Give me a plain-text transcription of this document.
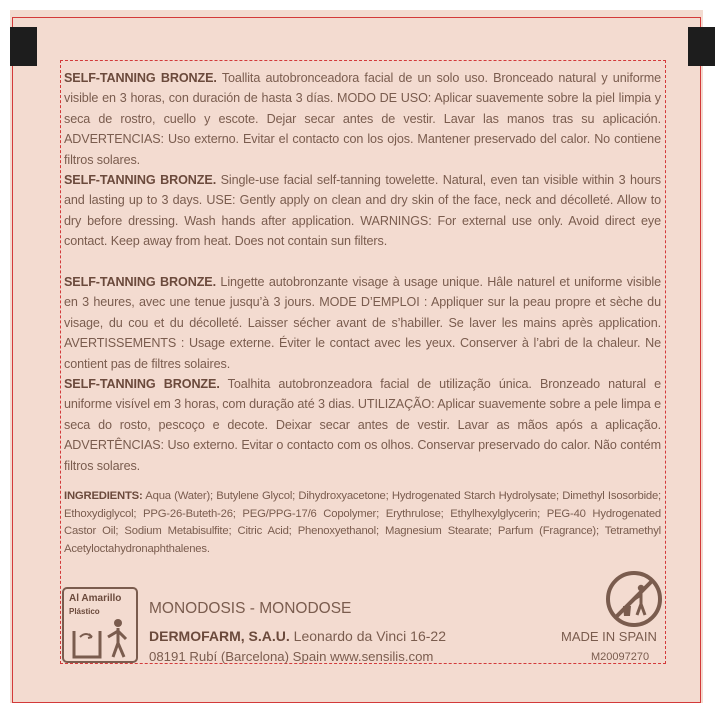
SELF-TANNING BRONZE. Toallita autobronceadora facial de un solo uso. Bronceado natural y uniforme visible en 3 horas, con duración de hasta 3 días. MODO DE USO: Aplicar suavemente sobre la piel limpia y seca de rostro, cuello y escote. Dejar secar antes de vestir. Lavar las manos tras su aplicación. ADVERTENCIAS: Uso externo. Evitar el contacto con los ojos. Mantener preservado del calor. No contiene filtros solares.
SELF-TANNING BRONZE. Single-use facial self-tanning towelette. Natural, even tan visible within 3 hours and lasting up to 3 days. USE: Gently apply on clean and dry skin of the face, neck and décolleté. Allow to dry before dressing. Wash hands after application. WARNINGS: For external use only. Avoid direct eye contact. Keep away from heat. Does not contain sun filters.
SELF-TANNING BRONZE. Lingette autobronzante visage à usage unique. Hâle naturel et uniforme visible en 3 heures, avec une tenue jusqu’à 3 jours. MODE D’EMPLOI : Appliquer sur la peau propre et sèche du visage, du cou et du décolleté. Laisser sécher avant de s’habiller. Se laver les mains après application. AVERTISSEMENTS : Usage externe. Éviter le contact avec les yeux. Conserver à l’abri de la chaleur. Ne contient pas de filtres solaires.
SELF-TANNING BRONZE. Toalhita autobronzeadora facial de utilização única. Bronzeado natural e uniforme visível em 3 horas, com duração até 3 dias. UTILIZAÇÃO: Aplicar suavemente sobre a pele limpa e seca do rosto, pescoço e decote. Deixar secar antes de vestir. Lavar as mãos após a aplicação. ADVERTÊNCIAS: Uso externo. Evitar o contacto com os olhos. Conservar preservado do calor. Não contém filtros solares.
INGREDIENTS: Aqua (Water); Butylene Glycol; Dihydroxyacetone; Hydrogenated Starch Hydrolysate; Dimethyl Isosorbide; Ethoxydiglycol; PPG-26-Buteth-26; PEG/PPG-17/6 Copolymer; Erythrulose; Ethylhexylglycerin; PEG-40 Hydrogenated Castor Oil; Sodium Metabisulfite; Citric Acid; Phenoxyethanol; Magnesium Stearate; Parfum (Fragrance); Tetramethyl Acetyloctahydronaphthalenes.
Al Amarillo
Plástico	MONODOSIS - MONODOSE
DERMOFARM, S.A.U. Leonardo da Vinci 16-22
08191 Rubí (Barcelona) Spain www.sensilis.com
MADE IN SPAIN
M20097270
